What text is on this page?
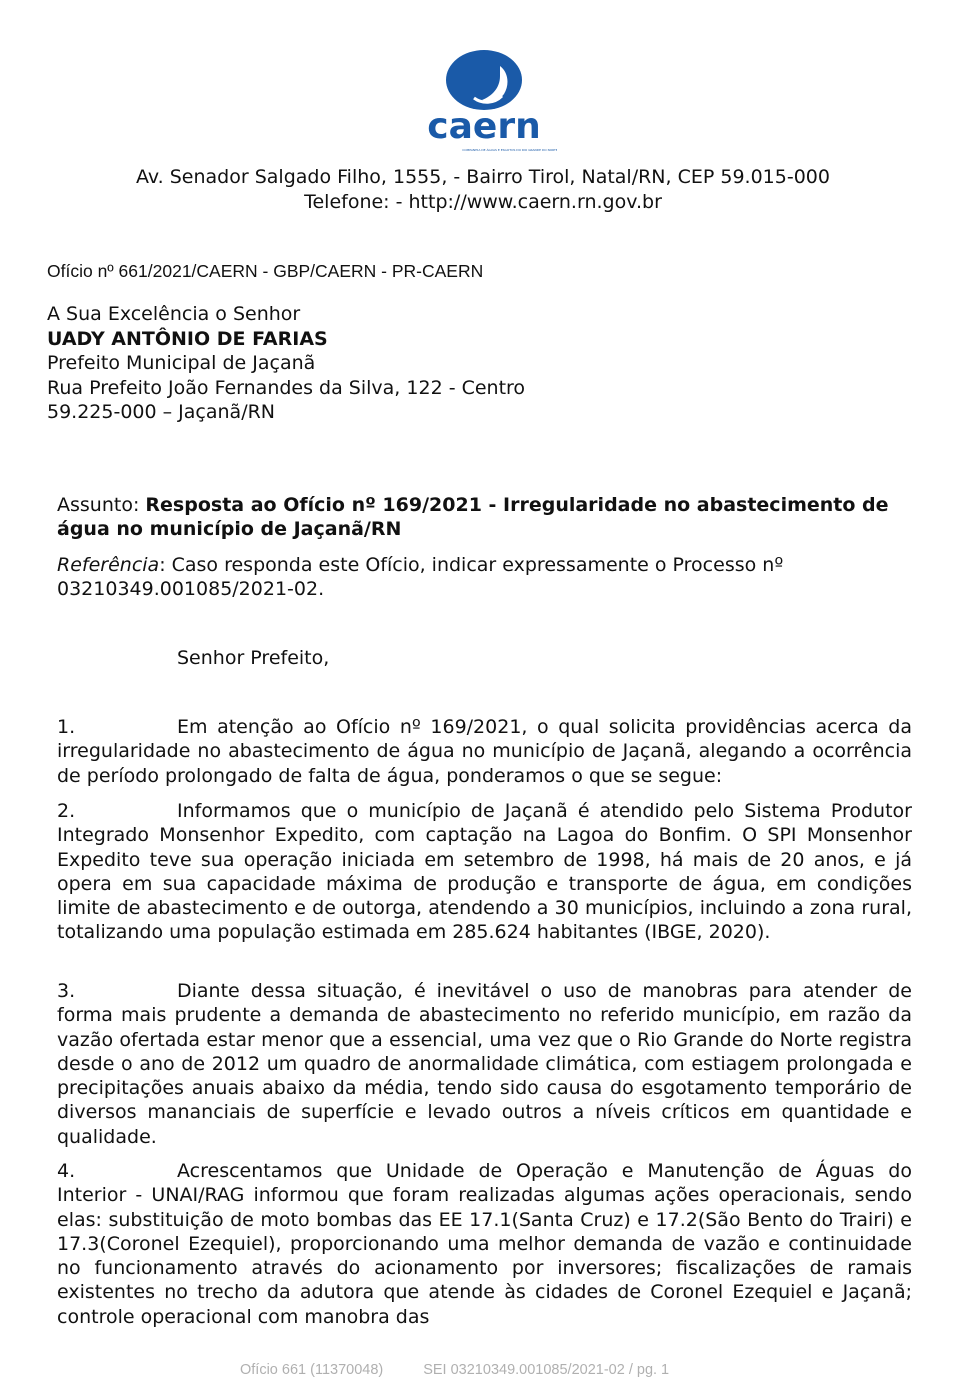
caern
COMPANHIA DE ÁGUAS E ESGOTOS DO RIO GRANDE DO NORTE
Av. Senador Salgado Filho, 1555, - Bairro Tirol, Natal/RN, CEP 59.015-000
Telefone: - http://www.caern.rn.gov.br
Ofício nº 661/2021/CAERN - GBP/CAERN - PR-CAERN
A Sua Excelência o Senhor
UADY ANTÔNIO DE FARIAS
Prefeito Municipal de Jaçanã
Rua Prefeito João Fernandes da Silva, 122 - Centro
59.225-000 – Jaçanã/RN
Assunto: Resposta ao Ofício nº 169/2021 - Irregularidade no abastecimento de água no município de Jaçanã/RN
Referência: Caso responda este Ofício, indicar expressamente o Processo nº 03210349.001085/2021-02.
Senhor Prefeito,
1.	Em atenção ao Ofício nº 169/2021, o qual solicita providências acerca da irregularidade no abastecimento de água no município de Jaçanã, alegando a ocorrência de período prolongado de falta de água, ponderamos o que se segue:
2.	Informamos que o município de Jaçanã é atendido pelo Sistema Produtor Integrado Monsenhor Expedito, com captação na Lagoa do Bonfim. O SPI Monsenhor Expedito teve sua operação iniciada em setembro de 1998, há mais de 20 anos, e já opera em sua capacidade máxima de produção e transporte de água, em condições limite de abastecimento e de outorga, atendendo a 30 municípios, incluindo a zona rural, totalizando uma população estimada em 285.624 habitantes (IBGE, 2020).
3.	Diante dessa situação, é inevitável o uso de manobras para atender de forma mais prudente a demanda de abastecimento no referido município, em razão da vazão ofertada estar menor que a essencial, uma vez que o Rio Grande do Norte registra desde o ano de 2012 um quadro de anormalidade climática, com estiagem prolongada e precipitações anuais abaixo da média, tendo sido causa do esgotamento temporário de diversos mananciais de superfície e levado outros a níveis críticos em quantidade e qualidade.
4.	Acrescentamos que Unidade de Operação e Manutenção de Águas do Interior - UNAI/RAG informou que foram realizadas algumas ações operacionais, sendo elas: substituição de moto bombas das EE 17.1(Santa Cruz) e 17.2(São Bento do Trairi) e 17.3(Coronel Ezequiel), proporcionando uma melhor demanda de vazão e continuidade no funcionamento através do acionamento por inversores; fiscalizações de ramais existentes no trecho da adutora que atende às cidades de Coronel Ezequiel e Jaçanã; controle operacional com manobra das
Ofício 661 (11370048)	SEI 03210349.001085/2021-02 / pg. 1
